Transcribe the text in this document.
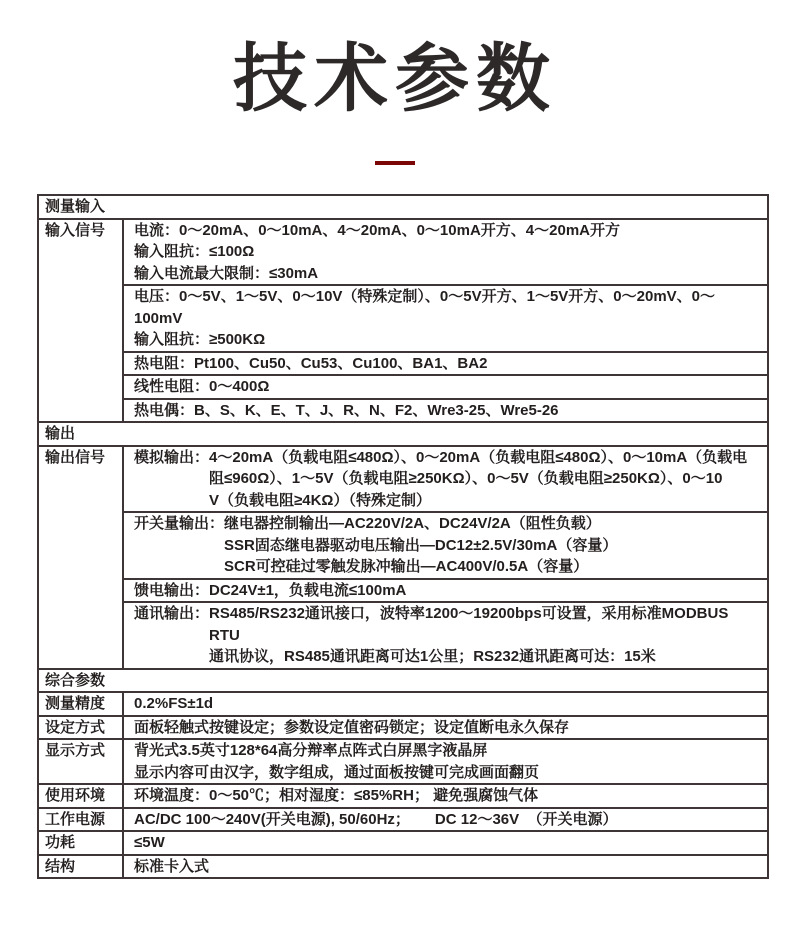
技术参数
测量输入
输入信号	电流：0～20mA、0～10mA、4～20mA、0～10mA开方、4～20mA开方
输入阻抗：≤100Ω
输入电流最大限制：≤30mA
电压：0～5V、1～5V、0～10V（特殊定制）、0～5V开方、1～5V开方、0～20mV、0～100mV
输入阻抗：≥500KΩ
热电阻：Pt100、Cu50、Cu53、Cu100、BA1、BA2
线性电阻：0～400Ω
热电偶：B、S、K、E、T、J、R、N、F2、Wre3-25、Wre5-26
输出
输出信号	模拟输出： 4～20mA（负载电阻≤480Ω）、0～20mA（负载电阻≤480Ω）、0～10mA（负载电
阻≤960Ω）、1～5V（负载电阻≥250KΩ）、0～5V（负载电阻≥250KΩ）、0～10
V（负载电阻≥4KΩ）（特殊定制）
开关量输出： 继电器控制输出—AC220V/2A、DC24V/2A（阻性负载）
SSR固态继电器驱动电压输出—DC12±2.5V/30mA（容量）
SCR可控硅过零触发脉冲输出—AC400V/0.5A（容量）
馈电输出：DC24V±1，负载电流≤100mA
通讯输出： RS485/RS232通讯接口，波特率1200～19200bps可设置，采用标准MODBUS RTU
通讯协议，RS485通讯距离可达1公里；RS232通讯距离可达：15米
综合参数
测量精度	0.2%FS±1d
设定方式	面板轻触式按键设定；参数设定值密码锁定；设定值断电永久保存
显示方式	背光式3.5英寸128*64高分辩率点阵式白屏黑字液晶屏
显示内容可由汉字，数字组成，通过面板按键可完成画面翻页
使用环境	环境温度：0～50℃；相对湿度：≤85%RH； 避免强腐蚀气体
工作电源	AC/DC 100～240V(开关电源), 50/60Hz；      DC 12～36V  （开关电源）
功耗	≤5W
结构	标准卡入式
